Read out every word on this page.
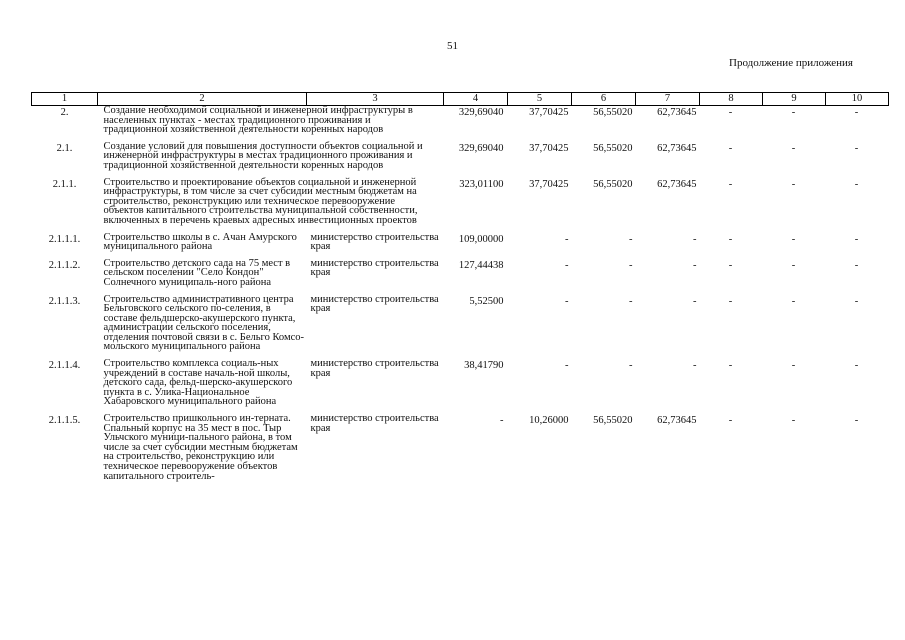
51
Продолжение приложения
1	2	3	4	5	6	7	8	9	10
2.	Создание необходимой социальной и инженерной инфраструктуры в населенных пунктах - местах традиционного проживания и традиционной хозяйственной деятельности коренных народов		329,69040	37,70425	56,55020	62,73645	-	-	-
2.1.	Создание условий для повышения доступности объектов социальной и инженерной инфраструктуры в местах традиционного проживания и традиционной хозяйственной деятельности коренных народов		329,69040	37,70425	56,55020	62,73645	-	-	-
2.1.1.	Строительство и проектирование объектов социальной и инженерной инфраструктуры, в том числе за счет субсидии местным бюджетам на строительство, реконструкцию или техническое перевооружение объектов капитального строительства муниципальной собственности, включенных в перечень краевых адресных инвестиционных проектов		323,01100	37,70425	56,55020	62,73645	-	-	-
2.1.1.1.	Строительство школы в с. Ачан Амурского муниципального района	министерство строительства края	109,00000	-	-	-	-	-	-
2.1.1.2.	Строительство детского сада на 75 мест в сельском поселении "Село Кондон" Солнечного муниципаль-ного района	министерство строительства края	127,44438	-	-	-	-	-	-
2.1.1.3.	Строительство административного центра Бельговского сельского по-селения, в составе фельдшерско-акушерского пункта, администрации сельского поселения, отделения почтовой связи в с. Бельго Комсо-мольского муниципального района	министерство строительства края	5,52500	-	-	-	-	-	-
2.1.1.4.	Строительство комплекса социаль-ных учреждений в составе началь-ной школы, детского сада, фельд-шерско-акушерского пункта в с. Улика-Национальное Хабаровского муниципального района	министерство строительства края	38,41790	-	-	-	-	-	-
2.1.1.5.	Строительство пришкольного ин-терната. Спальный корпус на 35 мест в пос. Тыр Ульчского муници-пального района, в том числе за счет субсидии местным бюджетам на строительство, реконструкцию или техническое перевооружение объектов капитального строитель-	министерство строительства края	-	10,26000	56,55020	62,73645	-	-	-
